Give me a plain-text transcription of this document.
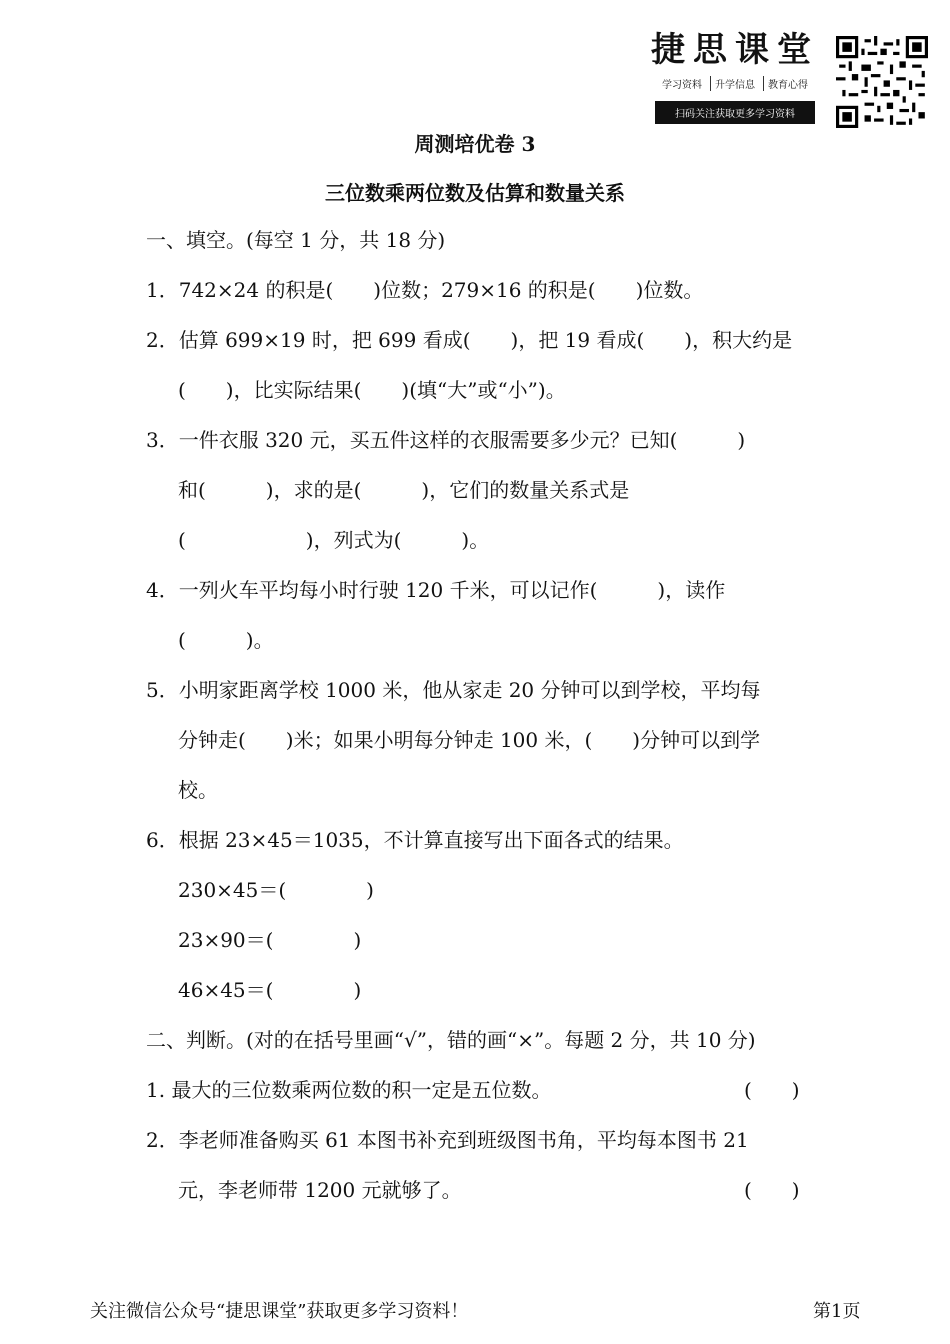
捷思课堂
学习资料	升学信息	教育心得
扫码关注获取更多学习资料
周测培优卷 3
三位数乘两位数及估算和数量关系
一、填空。(每空 1 分，共 18 分)
1．742×24 的积是(　　)位数；279×16 的积是(　　)位数。
2．估算 699×19 时，把 699 看成(　　)，把 19 看成(　　)，积大约是
(　　)，比实际结果(　　)(填“大”或“小”)。
3．一件衣服 320 元，买五件这样的衣服需要多少元？已知(　　　)
和(　　　)，求的是(　　　)，它们的数量关系式是
(　　　　　　)，列式为(　　　)。
4．一列火车平均每小时行驶 120 千米，可以记作(　　　)，读作
(　　　)。
5．小明家距离学校 1000 米，他从家走 20 分钟可以到学校，平均每
分钟走(　　)米；如果小明每分钟走 100 米，(　　)分钟可以到学
校。
6．根据 23×45＝1035，不计算直接写出下面各式的结果。
230×45＝(　　　　)
23×90＝(　　　　)
46×45＝(　　　　)
二、判断。(对的在括号里画“√”，错的画“×”。每题 2 分，共 10 分)
1. 最大的三位数乘两位数的积一定是五位数。	(　　)
2．李老师准备购买 61 本图书补充到班级图书角，平均每本图书 21
元，李老师带 1200 元就够了。	(　　)
关注微信公众号“捷思课堂”获取更多学习资料！	第1页
